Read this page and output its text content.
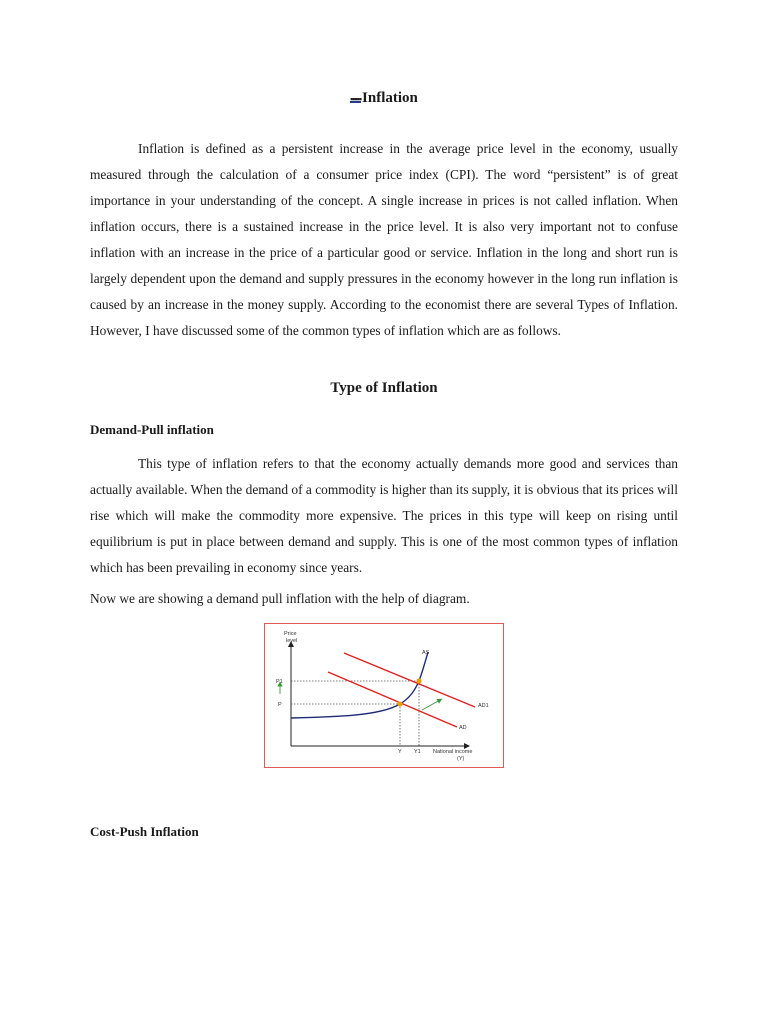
▪▪▪▪▪Inflation

Inflation is defined as a persistent increase in the average price level in the economy, usually measured through the calculation of a consumer price index (CPI). The word “persistent” is of great importance in your understanding of the concept. A single increase in prices is not called inflation. When inflation occurs, there is a sustained increase in the price level. It is also very important not to confuse inflation with an increase in the price of a particular good or service. Inflation in the long and short run is largely dependent upon the demand and supply pressures in the economy however in the long run inflation is caused by an increase in the money supply. According to the economist there are several Types of Inflation. However, I have discussed some of the common types of inflation which are as follows.

Type of Inflation
Demand-Pull inflation

This type of inflation refers to that the economy actually demands more good and services than actually available. When the demand of a commodity is higher than its supply, it is obvious that its prices will rise which will make the commodity more expensive. The prices in this type will keep on rising until equilibrium is put in place between demand and supply. This is one of the most common types of inflation which has been prevailing in economy since years.

Now we are showing a demand pull inflation with the help of diagram.
Price
level
National income
(Y)
AS
AD1
AD
P1
P
Y Y1
Cost-Push Inflation
